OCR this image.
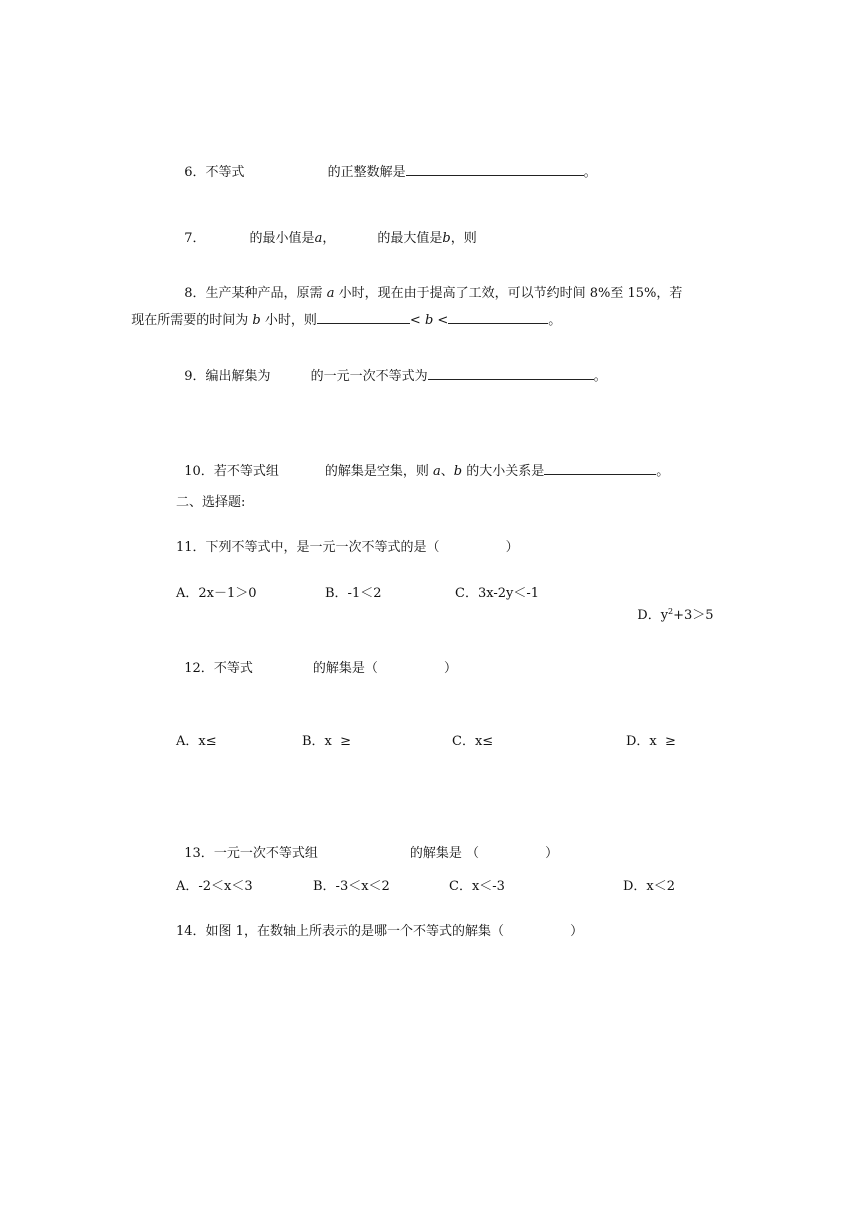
6．不等式	的正整数解是	。

7．	的最小值是a，	的最大值是b，则

8．生产某种产品，原需 a 小时，现在由于提高了工效，可以节约时间 8%至 15%，若

现在所需要的时间为 b 小时，则	< b <	。

9．编出解集为	的一元一次不等式为	。

10．若不等式组	的解集是空集，则 a、b 的大小关系是	。

二、选择题:
11．下列不等式中，是一元一次不等式的是（                ）
A．2x－1＞0	B．-1＜2	C．3x-2y＜-1

D．$y^2+3>5$

12．不等式	的解集是（                ）

A．x≤	B．x  ≥	C．x≤	D．x  ≥

13．一元一次不等式组	的解集是 （                ）

A．-2＜x＜3	B．-3＜x＜2	C．x＜-3	D．x＜2
14．如图 1，在数轴上所表示的是哪一个不等式的解集（                ）
